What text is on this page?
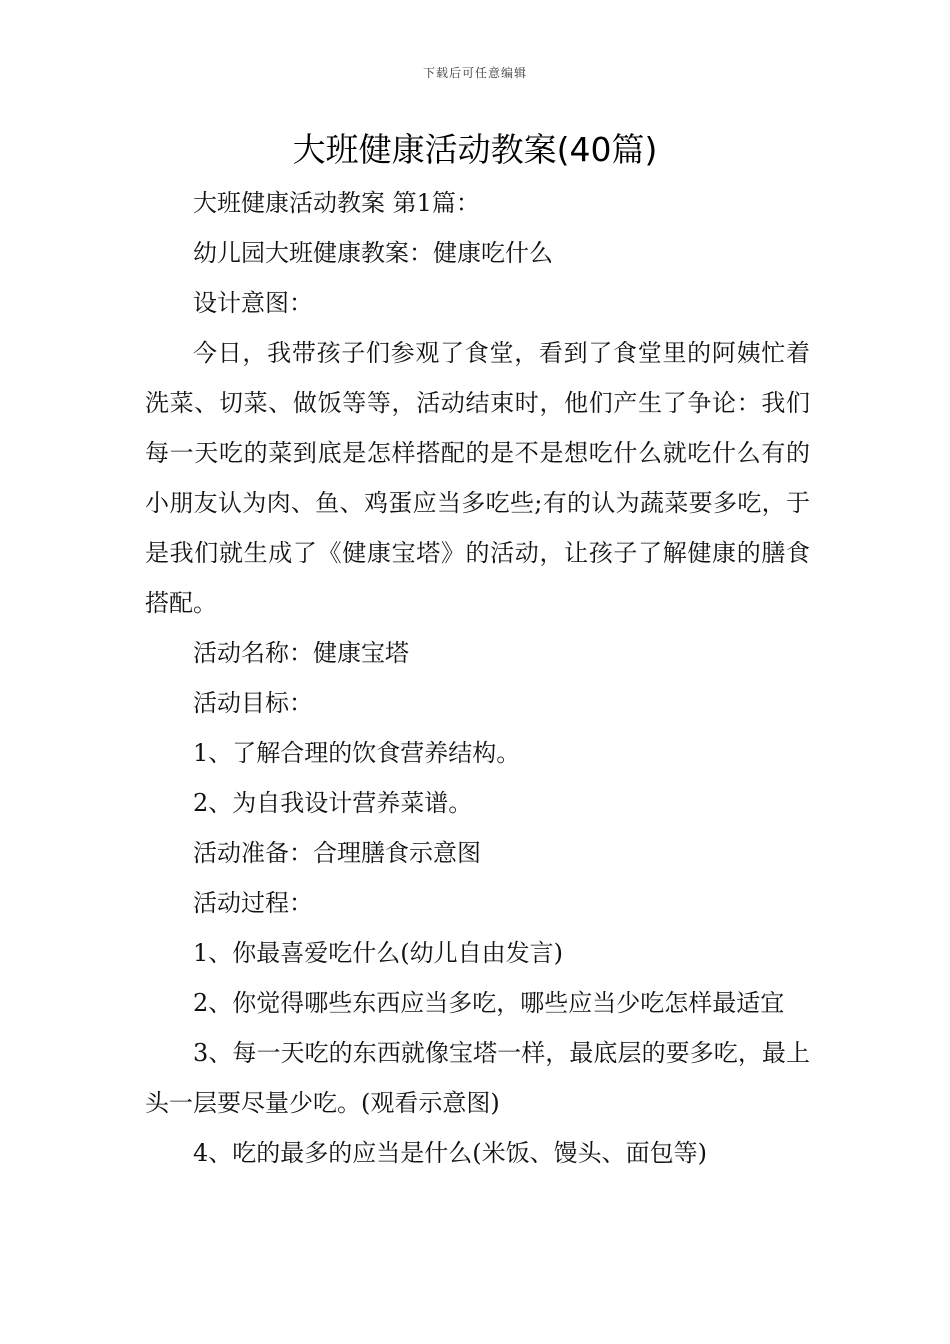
下载后可任意编辑
大班健康活动教案(40篇)

大班健康活动教案 第1篇：

幼儿园大班健康教案：健康吃什么

设计意图：

今日，我带孩子们参观了食堂，看到了食堂里的阿姨忙着洗菜、切菜、做饭等等，活动结束时，他们产生了争论：我们每一天吃的菜到底是怎样搭配的是不是想吃什么就吃什么有的小朋友认为肉、鱼、鸡蛋应当多吃些;有的认为蔬菜要多吃，于是我们就生成了《健康宝塔》的活动，让孩子了解健康的膳食搭配。

活动名称：健康宝塔

活动目标：

1、了解合理的饮食营养结构。

2、为自我设计营养菜谱。

活动准备：合理膳食示意图

活动过程：

1、你最喜爱吃什么(幼儿自由发言)

2、你觉得哪些东西应当多吃，哪些应当少吃怎样最适宜

3、每一天吃的东西就像宝塔一样，最底层的要多吃，最上头一层要尽量少吃。(观看示意图)

4、吃的最多的应当是什么(米饭、馒头、面包等)
